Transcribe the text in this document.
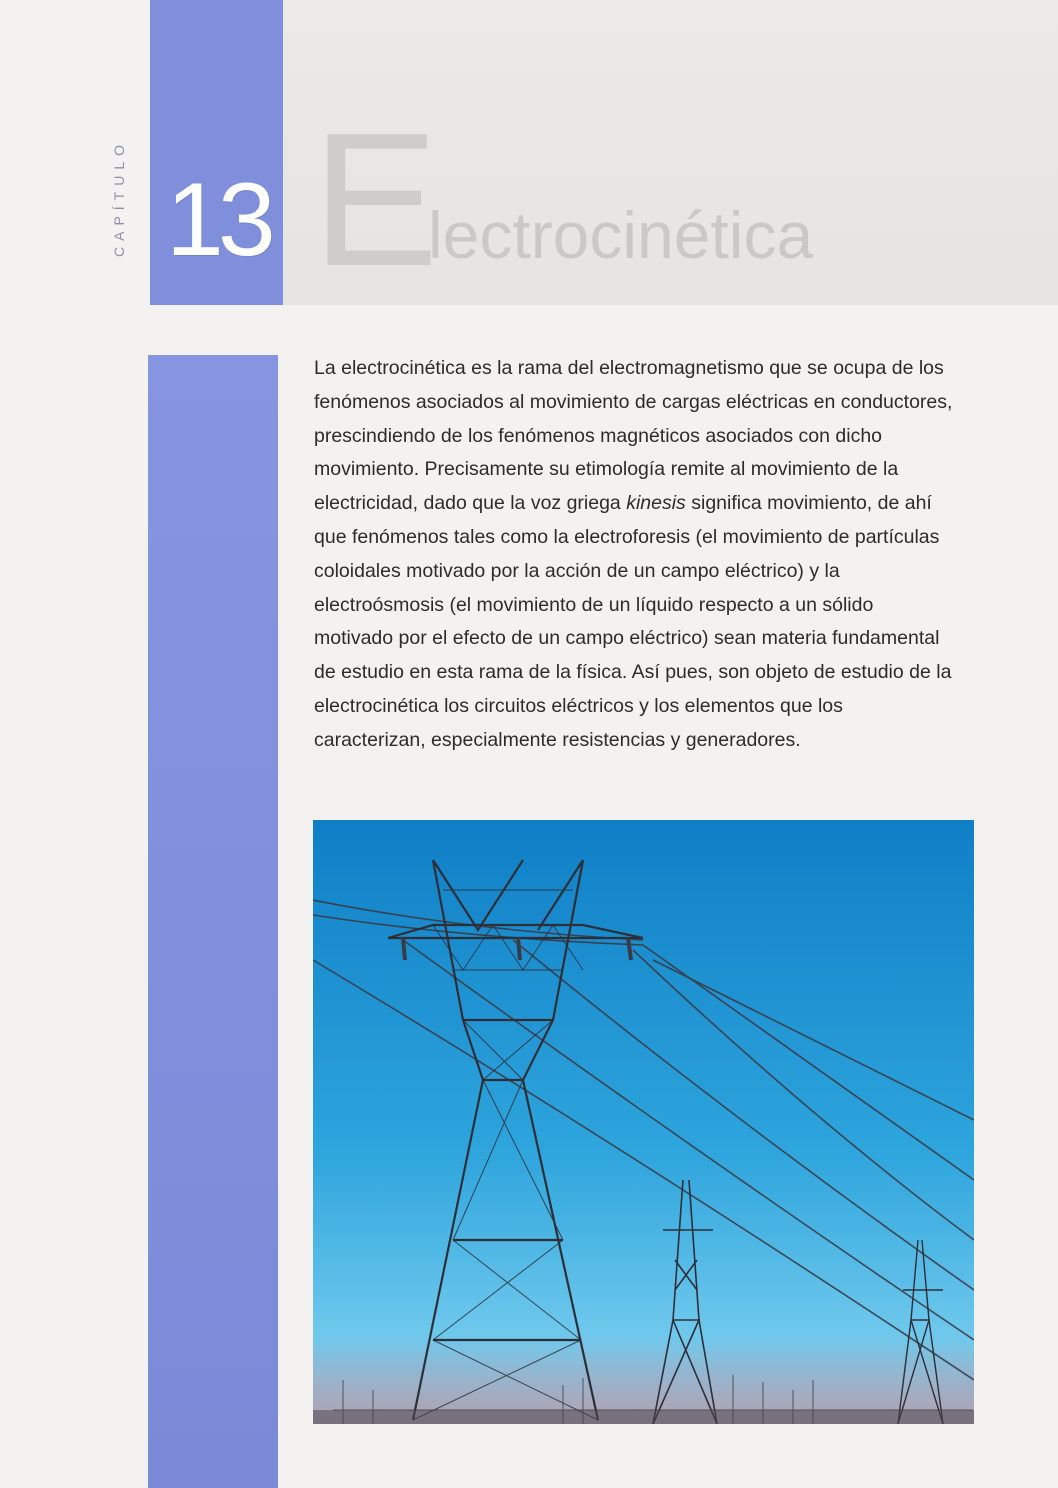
CAPÍTULO 13 E
lectrocinética

La electrocinética es la rama del electromagnetismo que se ocupa de los fenómenos asociados al movimiento de cargas eléctricas en conductores, prescindiendo de los fenómenos magnéticos asociados con dicho movimiento. Precisamente su etimología remite al movimiento de la electricidad, dado que la voz griega kinesis significa movimiento, de ahí que fenómenos tales como la electroforesis (el movimiento de partículas coloidales motivado por la acción de un campo eléctrico) y la electroósmosis (el movimiento de un líquido respecto a un sólido motivado por el efecto de un campo eléctrico) sean materia fundamental de estudio en esta rama de la física. Así pues, son objeto de estudio de la electrocinética los circuitos eléctricos y los elementos que los caracterizan, especialmente resistencias y generadores.
